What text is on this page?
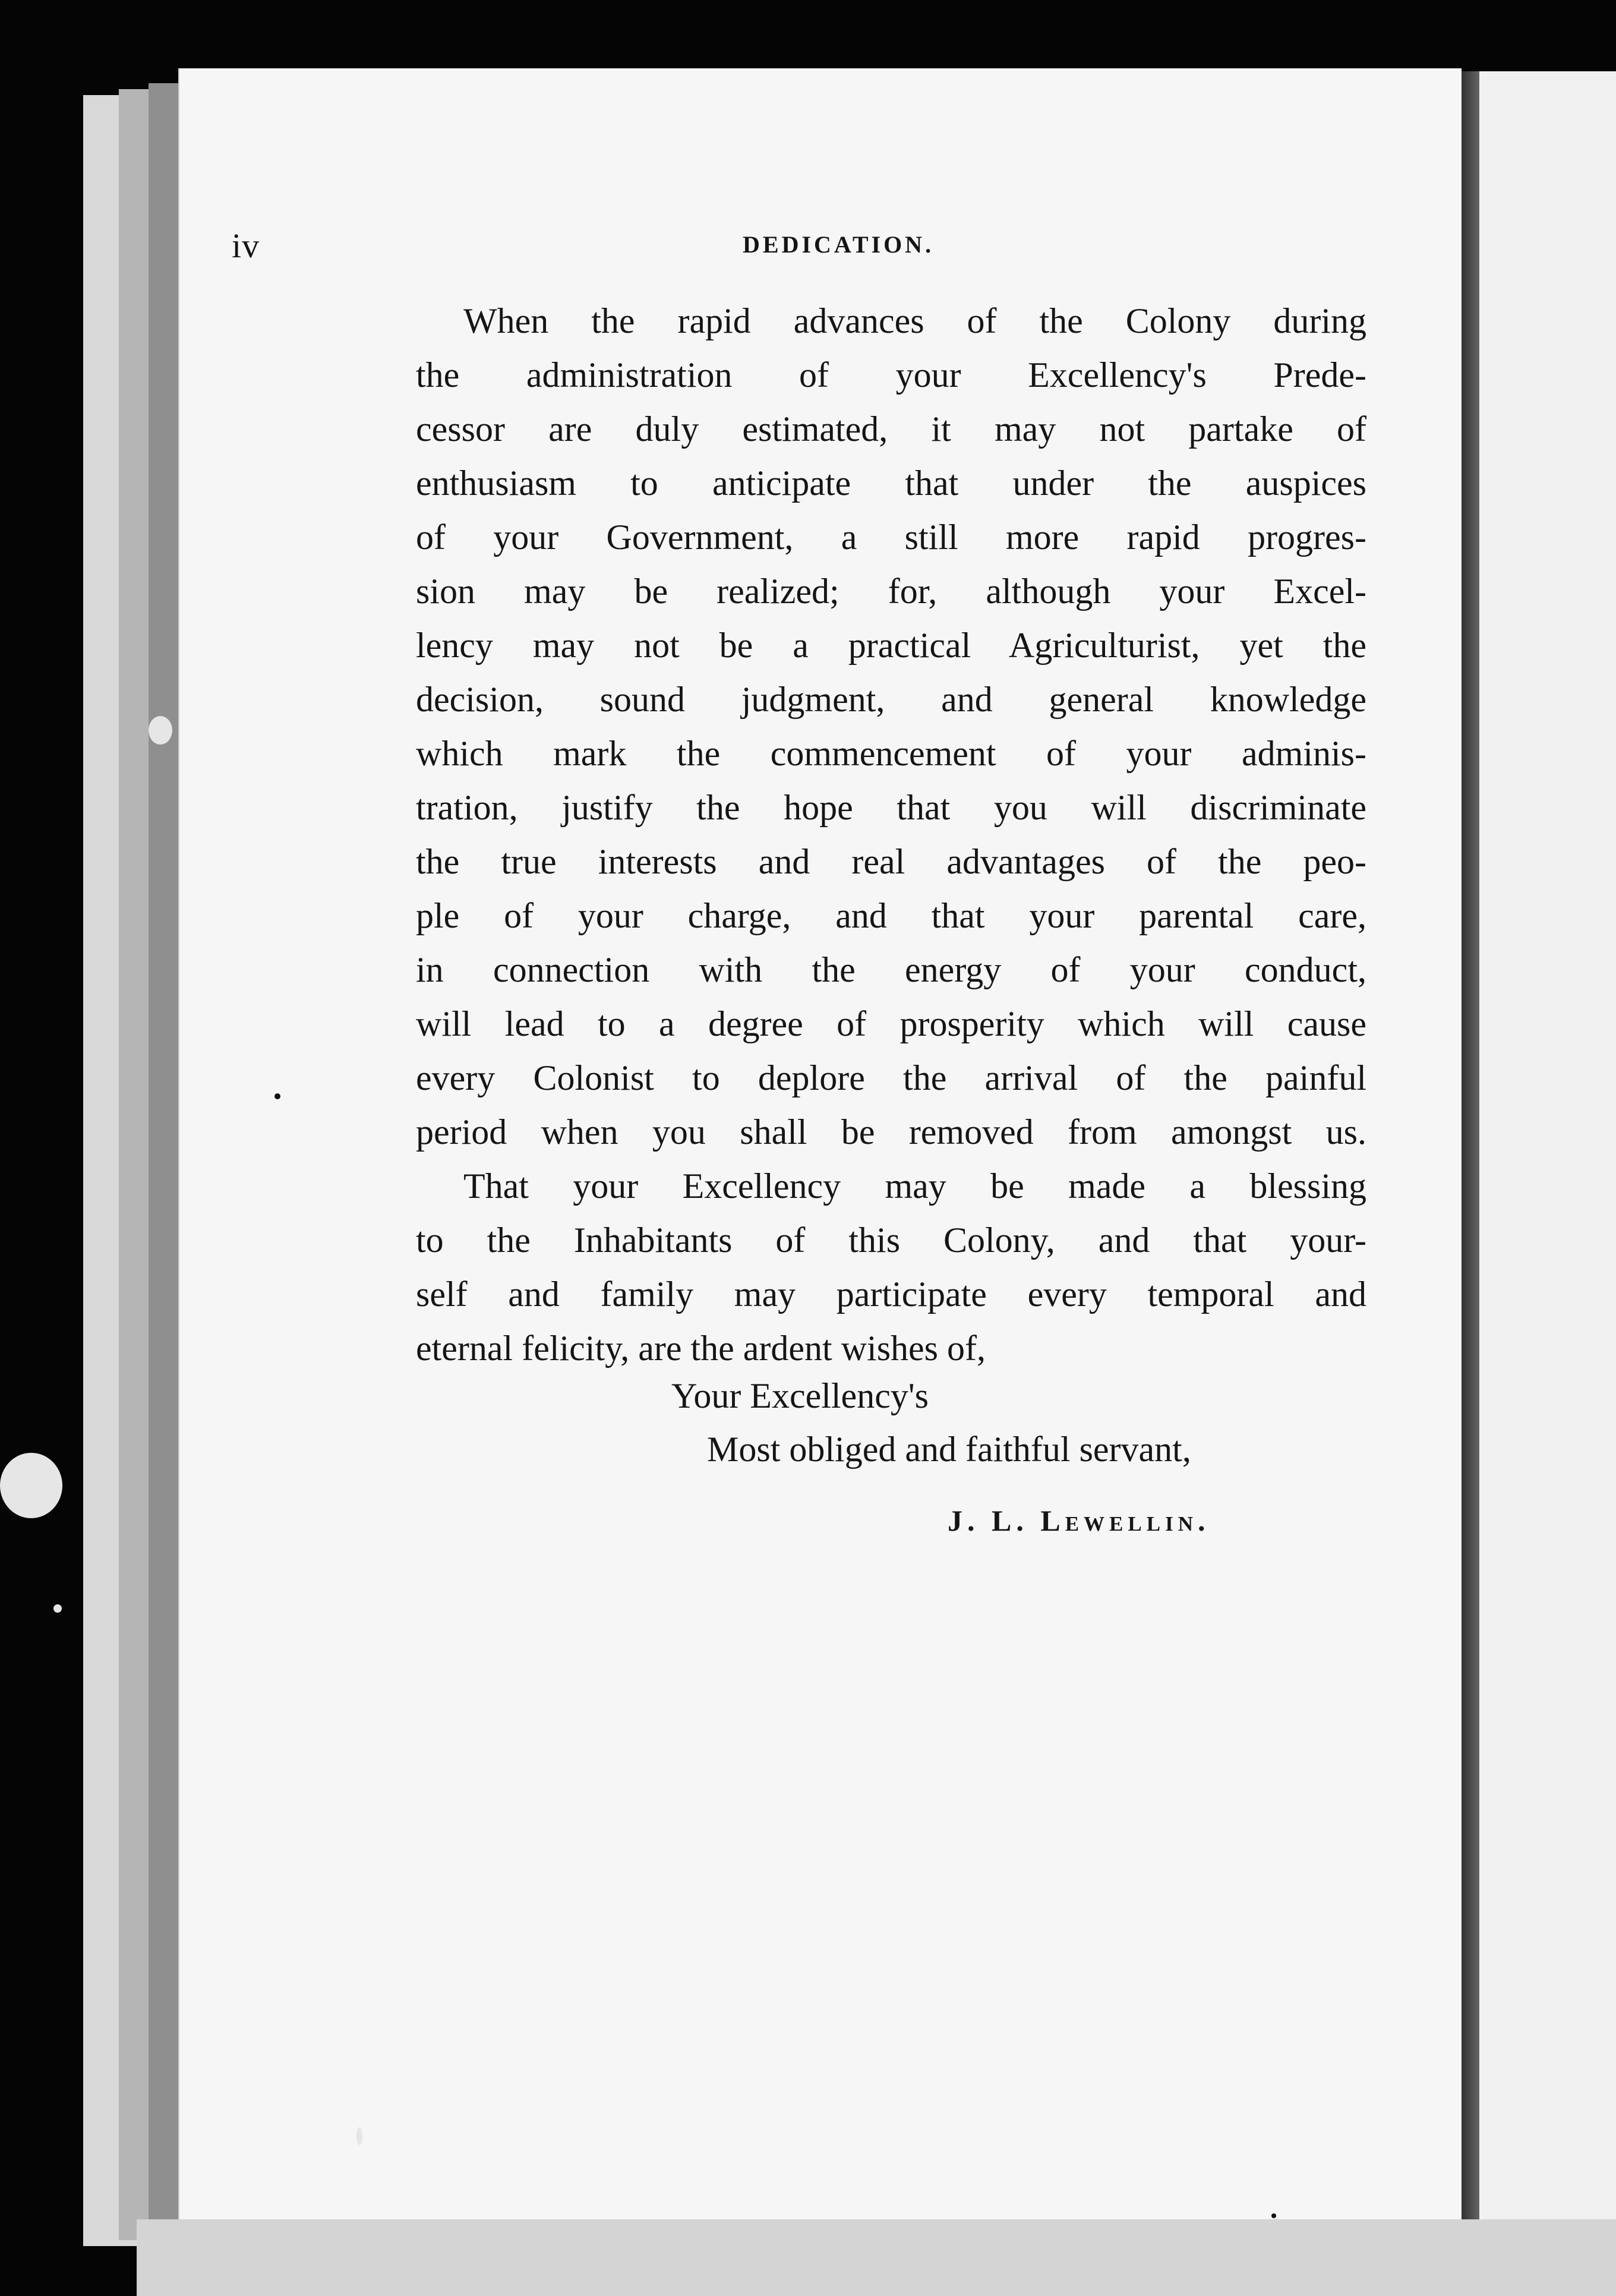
iv	DEDICATION.
When the rapid advances of the Colony during
the administration of your Excellency's Prede-
cessor are duly estimated, it may not partake of
enthusiasm to anticipate that under the auspices
of your Government, a still more rapid progres-
sion may be realized; for, although your Excel-
lency may not be a practical Agriculturist, yet the
decision, sound judgment, and general knowledge
which mark the commencement of your adminis-
tration, justify the hope that you will discriminate
the true interests and real advantages of the peo-
ple of your charge, and that your parental care,
in connection with the energy of your conduct,
will lead to a degree of prosperity which will cause
every Colonist to deplore the arrival of the painful
period when you shall be removed from amongst us.
That your Excellency may be made a blessing
to the Inhabitants of this Colony, and that your-
self and family may participate every temporal and
eternal felicity, are the ardent wishes of,
Your Excellency's
Most obliged and faithful servant,
J. L. Lewellin.
